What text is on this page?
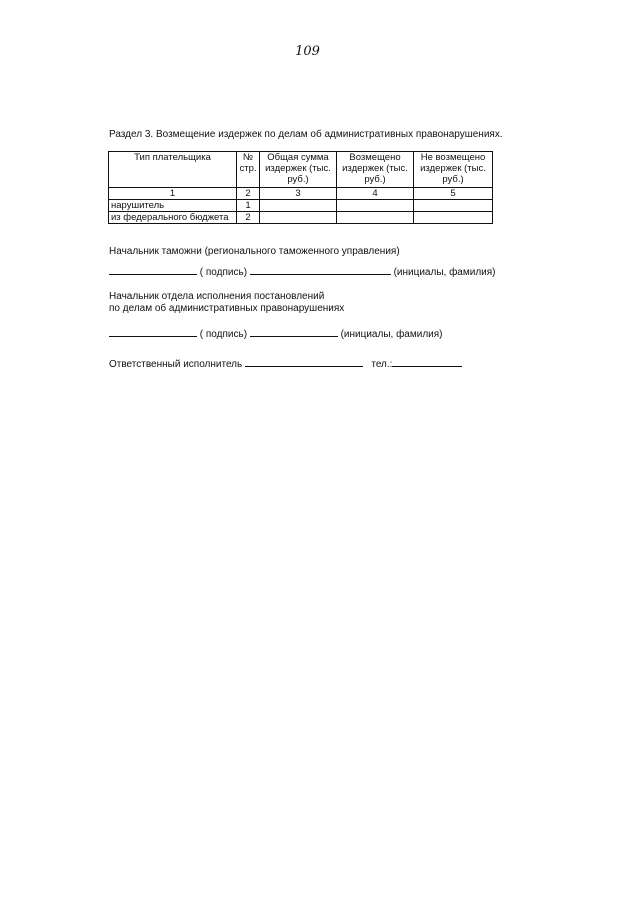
109
Раздел 3. Возмещение издержек по делам об административных правонарушениях.
Тип плательщика	№ стр.	Общая сумма издержек (тыс. руб.)	Возмещено издержек (тыс. руб.)	Не возмещено издержек (тыс. руб.)
1	2	3	4	5
нарушитель	1			
из федерального бюджета	2			
Начальник таможни (регионального таможенного управления)
( подпись)	(инициалы, фамилия)
Начальник отдела исполнения постановлений
по делам об административных правонарушениях
( подпись)	(инициалы, фамилия)
Ответственный исполнитель	тел.:
